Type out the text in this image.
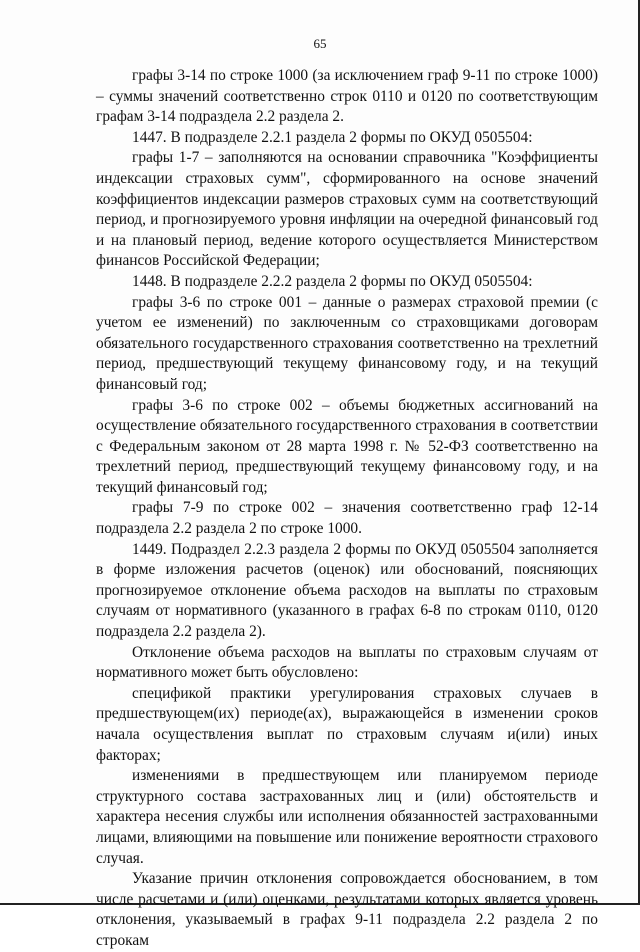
65

графы 3-14 по строке 1000 (за исключением граф 9-11 по строке 1000) – суммы значений соответственно строк 0110 и 0120 по соответствующим графам 3-14 подраздела 2.2 раздела 2.

1447. В подразделе 2.2.1 раздела 2 формы по ОКУД 0505504:

графы 1-7 – заполняются на основании справочника "Коэффициенты индексации страховых сумм", сформированного на основе значений коэффициентов индексации размеров страховых сумм на соответствующий период, и прогнозируемого уровня инфляции на очередной финансовый год и на плановый период, ведение которого осуществляется Министерством финансов Российской Федерации;

1448. В подразделе 2.2.2 раздела 2 формы по ОКУД 0505504:

графы 3-6 по строке 001 – данные о размерах страховой премии (с учетом ее изменений) по заключенным со страховщиками договорам обязательного государственного страхования соответственно на трехлетний период, предшествующий текущему финансовому году, и на текущий финансовый год;

графы 3-6 по строке 002 – объемы бюджетных ассигнований на осуществление обязательного государственного страхования в соответствии с Федеральным законом от 28 марта 1998 г. № 52-ФЗ соответственно на трехлетний период, предшествующий текущему финансовому году, и на текущий финансовый год;

графы 7-9 по строке 002 – значения соответственно граф 12-14 подраздела 2.2 раздела 2 по строке 1000.

1449. Подраздел 2.2.3 раздела 2 формы по ОКУД 0505504 заполняется в форме изложения расчетов (оценок) или обоснований, поясняющих прогнозируемое отклонение объема расходов на выплаты по страховым случаям от нормативного (указанного в графах 6-8 по строкам 0110, 0120 подраздела 2.2 раздела 2).

Отклонение объема расходов на выплаты по страховым случаям от нормативного может быть обусловлено:

спецификой практики урегулирования страховых случаев в предшествующем(их) периоде(ах), выражающейся в изменении сроков начала осуществления выплат по страховым случаям и(или) иных факторах;

изменениями в предшествующем или планируемом периоде структурного состава застрахованных лиц и (или) обстоятельств и характера несения службы или исполнения обязанностей застрахованными лицами, влияющими на повышение или понижение вероятности страхового случая.

Указание причин отклонения сопровождается обоснованием, в том числе расчетами и (или) оценками, результатами которых является уровень отклонения, указываемый в графах 9-11 подраздела 2.2 раздела 2 по строкам
